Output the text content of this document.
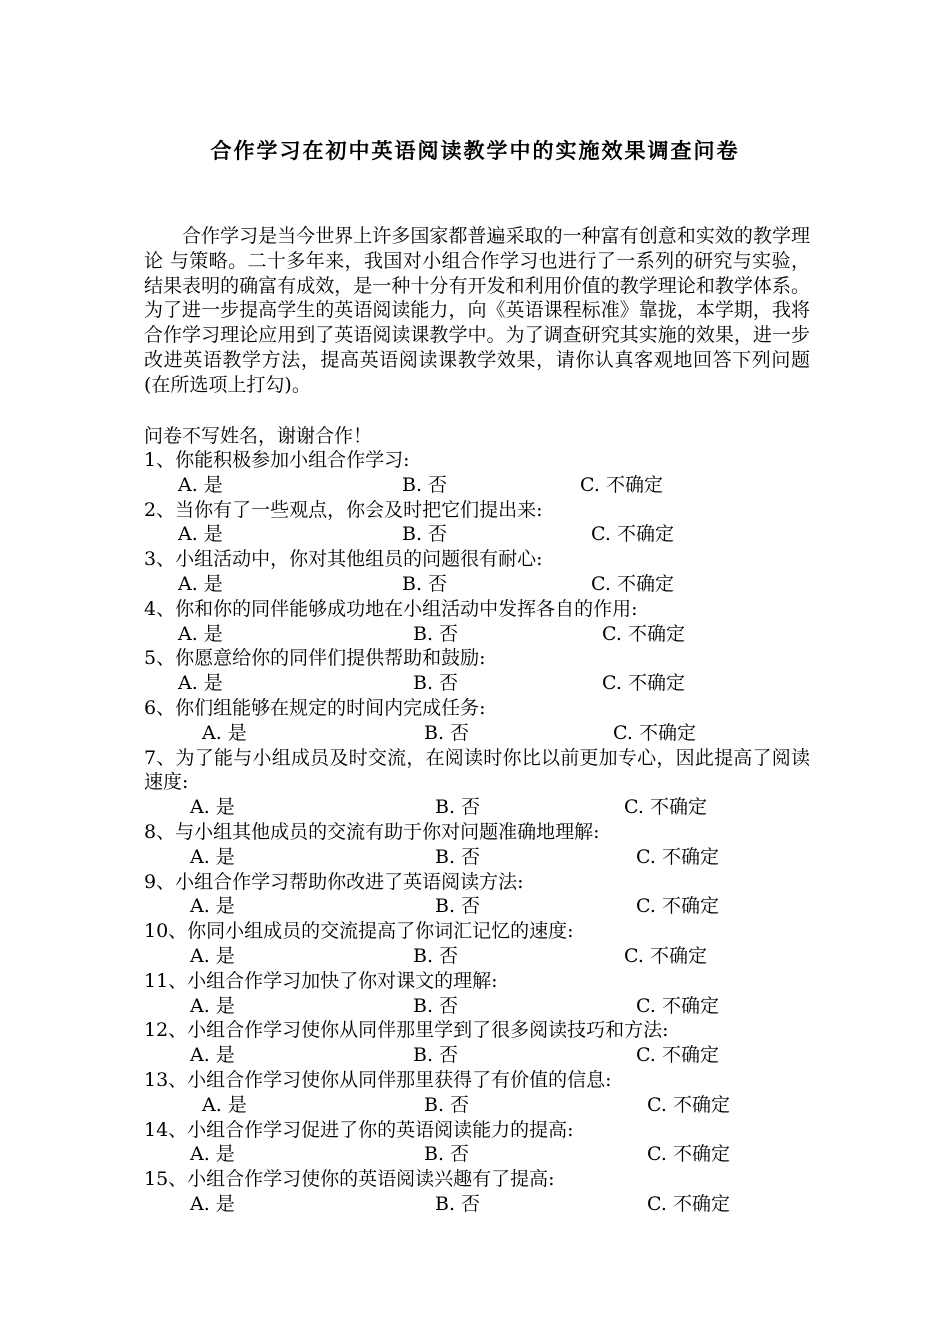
合作学习在初中英语阅读教学中的实施效果调查问卷

合作学习是当今世界上许多国家都普遍采取的一种富有创意和实效的教学理论 与策略。二十多年来，我国对小组合作学习也进行了一系列的研究与实验，结果表明的确富有成效，是一种十分有开发和利用价值的教学理论和教学体系。为了进一步提高学生的英语阅读能力，向《英语课程标准》靠拢，本学期，我将合作学习理论应用到了英语阅读课教学中。为了调查研究其实施的效果，进一步改进英语教学方法，提高英语阅读课教学效果，请你认真客观地回答下列问题(在所选项上打勾)。

问卷不写姓名，谢谢合作！
1、你能积极参加小组合作学习:
A. 是	B. 否	C. 不确定
2、当你有了一些观点，你会及时把它们提出来:
A. 是	B. 否	C. 不确定
3、小组活动中，你对其他组员的问题很有耐心:
A. 是	B. 否	C. 不确定
4、你和你的同伴能够成功地在小组活动中发挥各自的作用:
A. 是	B. 否	C. 不确定
5、你愿意给你的同伴们提供帮助和鼓励:
A. 是	B. 否	C. 不确定
6、你们组能够在规定的时间内完成任务:
A. 是	B. 否	C. 不确定
7、为了能与小组成员及时交流，在阅读时你比以前更加专心，因此提高了阅读速度:
A. 是	B. 否	C. 不确定
8、与小组其他成员的交流有助于你对问题准确地理解:
A. 是	B. 否	C. 不确定
9、小组合作学习帮助你改进了英语阅读方法:
A. 是	B. 否	C. 不确定
10、你同小组成员的交流提高了你词汇记忆的速度:
A. 是	B. 否	C. 不确定
11、小组合作学习加快了你对课文的理解:
A. 是	B. 否	C. 不确定
12、小组合作学习使你从同伴那里学到了很多阅读技巧和方法:
A. 是	B. 否	C. 不确定
13、小组合作学习使你从同伴那里获得了有价值的信息:
A. 是	B. 否	C. 不确定
14、小组合作学习促进了你的英语阅读能力的提高:
A. 是	B. 否	C. 不确定
15、小组合作学习使你的英语阅读兴趣有了提高:
A. 是	B. 否	C. 不确定
